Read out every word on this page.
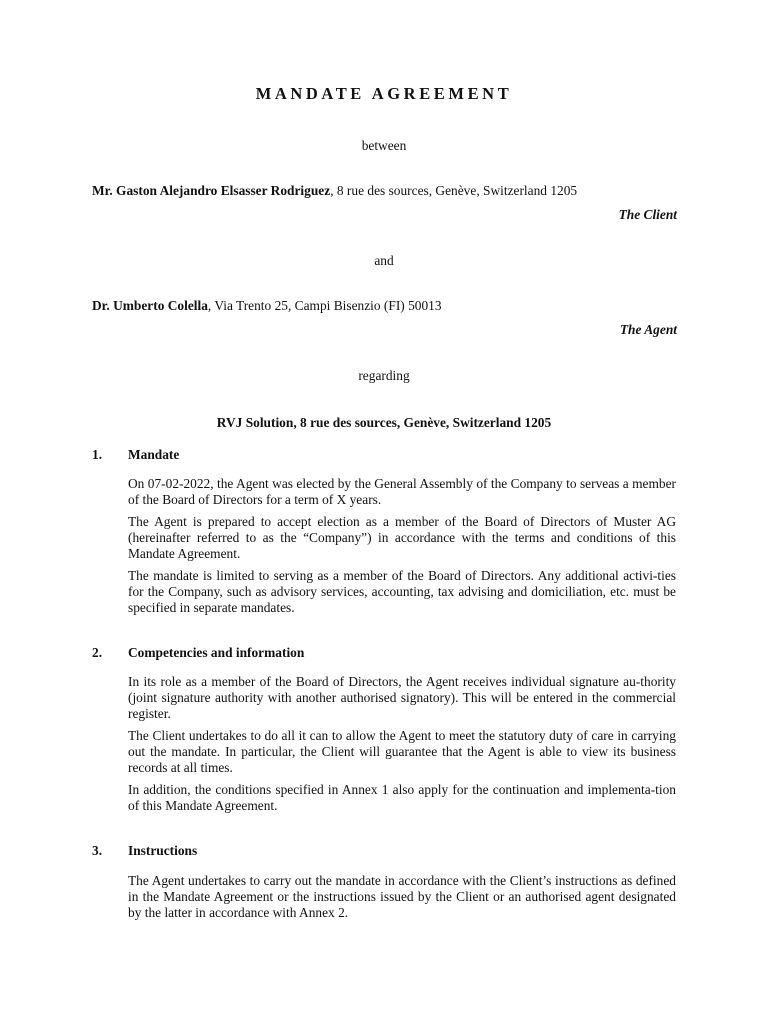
MANDATE AGREEMENT
between
Mr. Gaston Alejandro Elsasser Rodriguez, 8 rue des sources, Genève, Switzerland 1205
The Client
and
Dr. Umberto Colella, Via Trento 25, Campi Bisenzio (FI) 50013
The Agent
regarding
RVJ Solution, 8 rue des sources, Genève, Switzerland 1205
1. Mandate

On 07-02-2022, the Agent was elected by the General Assembly of the Company to serveas a member of the Board of Directors for a term of X years.

The Agent is prepared to accept election as a member of the Board of Directors of Muster AG (hereinafter referred to as the “Company”) in accordance with the terms and conditions of this Mandate Agreement.

The mandate is limited to serving as a member of the Board of Directors. Any additional activi-ties for the Company, such as advisory services, accounting, tax advising and domiciliation, etc. must be specified in separate mandates.

2. Competencies and information

In its role as a member of the Board of Directors, the Agent receives individual signature au-thority (joint signature authority with another authorised signatory). This will be entered in the commercial register.

The Client undertakes to do all it can to allow the Agent to meet the statutory duty of care in carrying out the mandate. In particular, the Client will guarantee that the Agent is able to view its business records at all times.

In addition, the conditions specified in Annex 1 also apply for the continuation and implementa-tion of this Mandate Agreement.

3. Instructions

The Agent undertakes to carry out the mandate in accordance with the Client’s instructions as defined in the Mandate Agreement or the instructions issued by the Client or an authorised agent designated by the latter in accordance with Annex 2.
